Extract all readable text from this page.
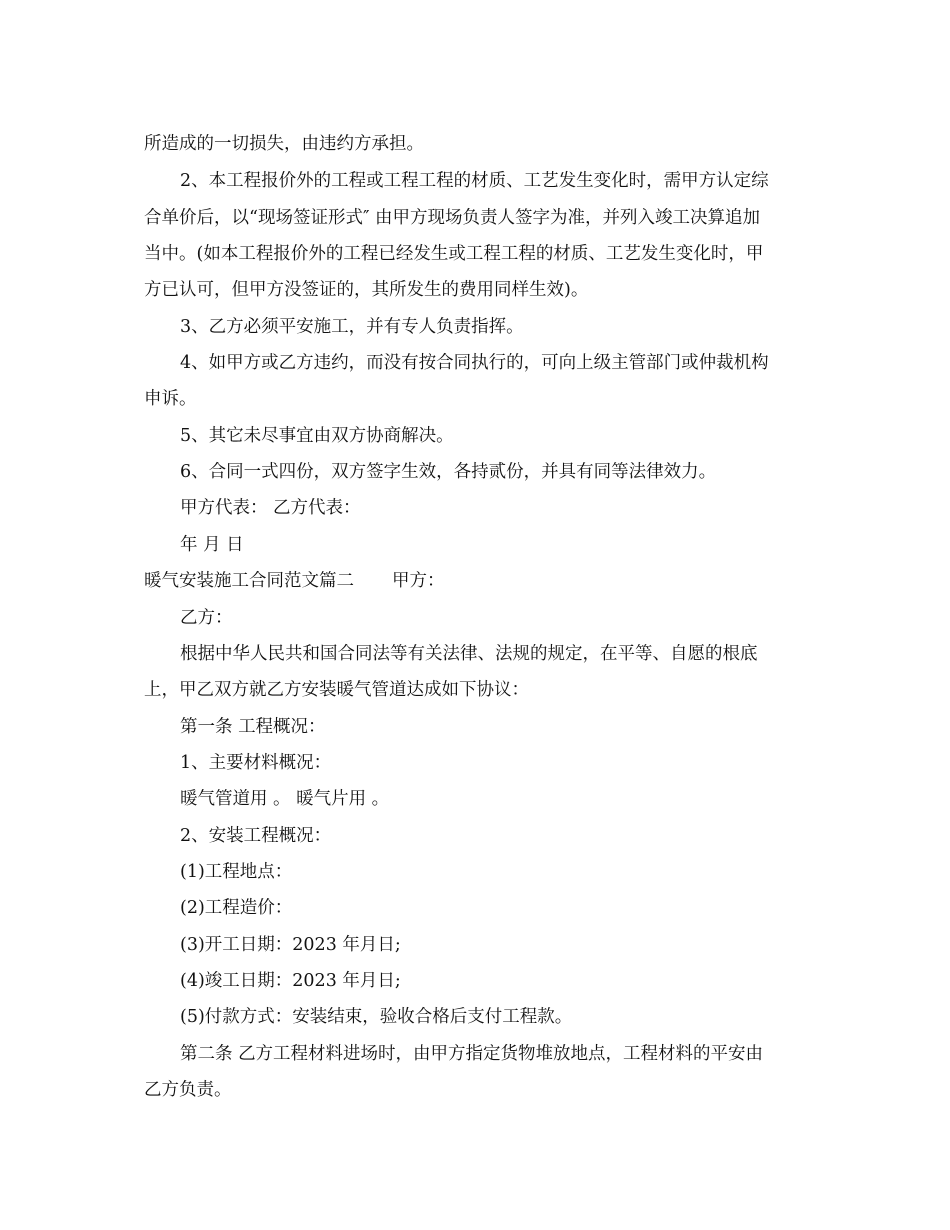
所造成的一切损失，由违约方承担。
2、本工程报价外的工程或工程工程的材质、工艺发生变化时，需甲方认定综
合单价后，以“现场签证形式″ 由甲方现场负责人签字为准，并列入竣工决算追加
当中。(如本工程报价外的工程已经发生或工程工程的材质、工艺发生变化时，甲
方已认可，但甲方没签证的，其所发生的费用同样生效)。
3、乙方必须平安施工，并有专人负责指挥。
4、如甲方或乙方违约，而没有按合同执行的，可向上级主管部门或仲裁机构
申诉。
5、其它未尽事宜由双方协商解决。
6、合同一式四份，双方签字生效，各持贰份，并具有同等法律效力。
甲方代表： 乙方代表：
年 月 日
暖气安装施工合同范文篇二 甲方：
乙方：
根据中华人民共和国合同法等有关法律、法规的规定，在平等、自愿的根底
上，甲乙双方就乙方安装暖气管道达成如下协议：
第一条 工程概况：
1、主要材料概况：
暖气管道用 。 暖气片用 。
2、安装工程概况：
(1)工程地点：
(2)工程造价：
(3)开工日期：2023 年月日;
(4)竣工日期：2023 年月日;
(5)付款方式：安装结束，验收合格后支付工程款。
第二条 乙方工程材料进场时，由甲方指定货物堆放地点，工程材料的平安由
乙方负责。
